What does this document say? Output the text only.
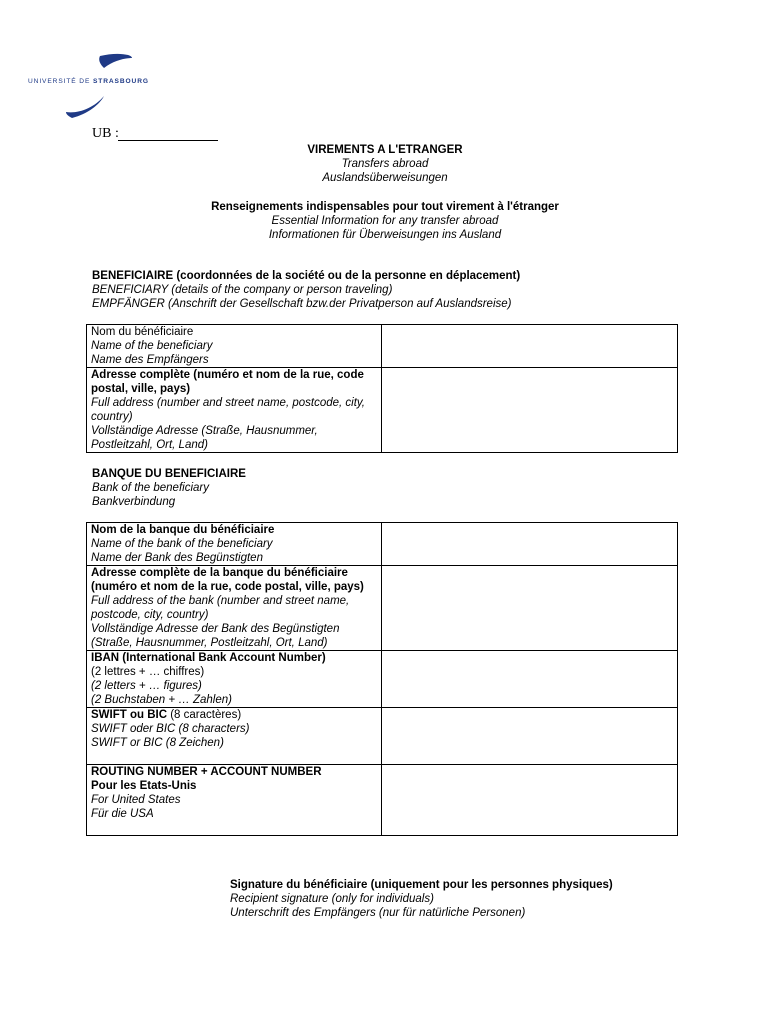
UNIVERSITÉ DE STRASBOURG
UB :
VIREMENTS A L'ETRANGER
Transfers abroad
Auslandsüberweisungen
Renseignements indispensables pour tout virement à l'étranger
Essential Information for any transfer abroad
Informationen für Überweisungen ins Ausland
BENEFICIAIRE (coordonnées de la société ou de la personne en déplacement)
BENEFICIARY (details of the company or person traveling)
EMPFÄNGER (Anschrift der Gesellschaft bzw.der Privatperson auf Auslandsreise)
Nom du bénéficiaire
Name of the beneficiary
Name des Empfängers	

Adresse complète (numéro et nom de la rue, code postal, ville, pays)
Full address (number and street name, postcode, city, country)
Vollständige Adresse (Straße, Hausnummer, Postleitzahl, Ort, Land)	

BANQUE DU BENEFICIAIRE
Bank of the beneficiary
Bankverbindung
Nom de la banque du bénéficiaire
Name of the bank of the beneficiary
Name der Bank des Begünstigten	

Adresse complète de la banque du bénéficiaire (numéro et nom de la rue, code postal, ville, pays)
Full address of the bank (number and street name, postcode, city, country)
Vollständige Adresse der Bank des Begünstigten (Straße, Hausnummer, Postleitzahl, Ort, Land)	

IBAN (International Bank Account Number)
(2 lettres + … chiffres)
(2 letters + … figures)
(2 Buchstaben + … Zahlen)	

SWIFT ou BIC (8 caractères)
SWIFT oder BIC (8 characters)
SWIFT or BIC (8 Zeichen)	

ROUTING NUMBER + ACCOUNT NUMBER
Pour les Etats-Unis
For United States
Für die USA	

Signature du bénéficiaire (uniquement pour les personnes physiques)
Recipient signature (only for individuals)
Unterschrift des Empfängers (nur für natürliche Personen)
